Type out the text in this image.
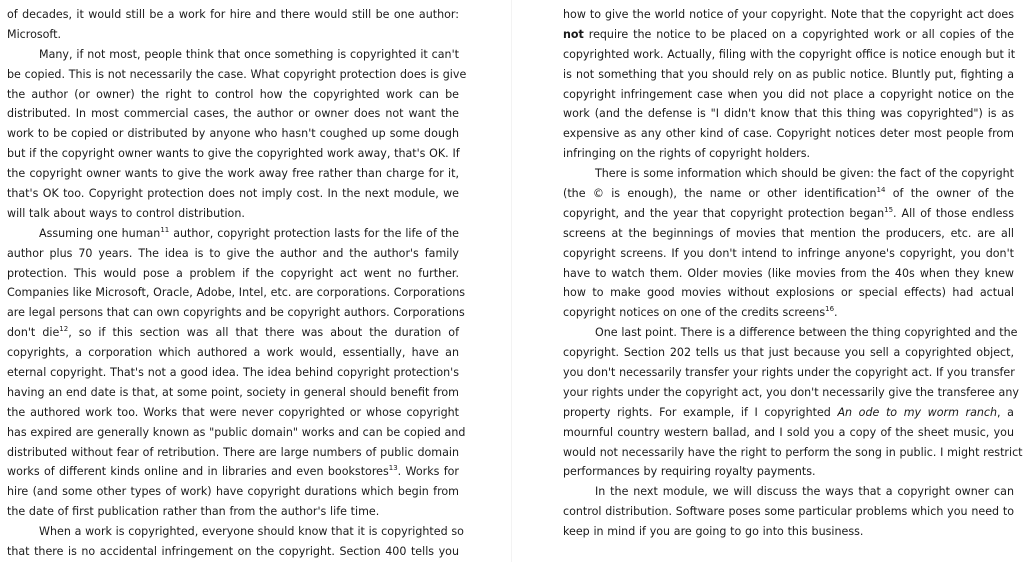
of decades, it would still be a work for hire and there would still be one author:
Microsoft.
Many, if not most, people think that once something is copyrighted it can't
be copied. This is not necessarily the case. What copyright protection does is give
the author (or owner) the right to control how the copyrighted work can be
distributed. In most commercial cases, the author or owner does not want the
work to be copied or distributed by anyone who hasn't coughed up some dough
but if the copyright owner wants to give the copyrighted work away, that's OK. If
the copyright owner wants to give the work away free rather than charge for it,
that's OK too. Copyright protection does not imply cost. In the next module, we
will talk about ways to control distribution.
Assuming one human$^{11}$ author, copyright protection lasts for the life of the
author plus 70 years. The idea is to give the author and the author's family
protection. This would pose a problem if the copyright act went no further.
Companies like Microsoft, Oracle, Adobe, Intel, etc. are corporations. Corporations
are legal persons that can own copyrights and be copyright authors. Corporations
don't die$^{12}$, so if this section was all that there was about the duration of
copyrights, a corporation which authored a work would, essentially, have an
eternal copyright. That's not a good idea. The idea behind copyright protection's
having an end date is that, at some point, society in general should benefit from
the authored work too. Works that were never copyrighted or whose copyright
has expired are generally known as "public domain" works and can be copied and
distributed without fear of retribution. There are large numbers of public domain
works of different kinds online and in libraries and even bookstores$^{13}$. Works for
hire (and some other types of work) have copyright durations which begin from
the date of first publication rather than from the author's life time.
When a work is copyrighted, everyone should know that it is copyrighted so
that there is no accidental infringement on the copyright. Section 400 tells you
how to give the world notice of your copyright. Note that the copyright act does
not require the notice to be placed on a copyrighted work or all copies of the
copyrighted work. Actually, filing with the copyright office is notice enough but it
is not something that you should rely on as public notice. Bluntly put, fighting a
copyright infringement case when you did not place a copyright notice on the
work (and the defense is "I didn't know that this thing was copyrighted") is as
expensive as any other kind of case. Copyright notices deter most people from
infringing on the rights of copyright holders.
There is some information which should be given: the fact of the copyright
(the © is enough), the name or other identification$^{14}$ of the owner of the
copyright, and the year that copyright protection began$^{15}$. All of those endless
screens at the beginnings of movies that mention the producers, etc. are all
copyright screens. If you don't intend to infringe anyone's copyright, you don't
have to watch them. Older movies (like movies from the 40s when they knew
how to make good movies without explosions or special effects) had actual
copyright notices on one of the credits screens$^{16}$.
One last point. There is a difference between the thing copyrighted and the
copyright. Section 202 tells us that just because you sell a copyrighted object,
you don't necessarily transfer your rights under the copyright act. If you transfer
your rights under the copyright act, you don't necessarily give the transferee any
property rights. For example, if I copyrighted An ode to my worm ranch, a
mournful country western ballad, and I sold you a copy of the sheet music, you
would not necessarily have the right to perform the song in public. I might restrict
performances by requiring royalty payments.
In the next module, we will discuss the ways that a copyright owner can
control distribution. Software poses some particular problems which you need to
keep in mind if you are going to go into this business.
